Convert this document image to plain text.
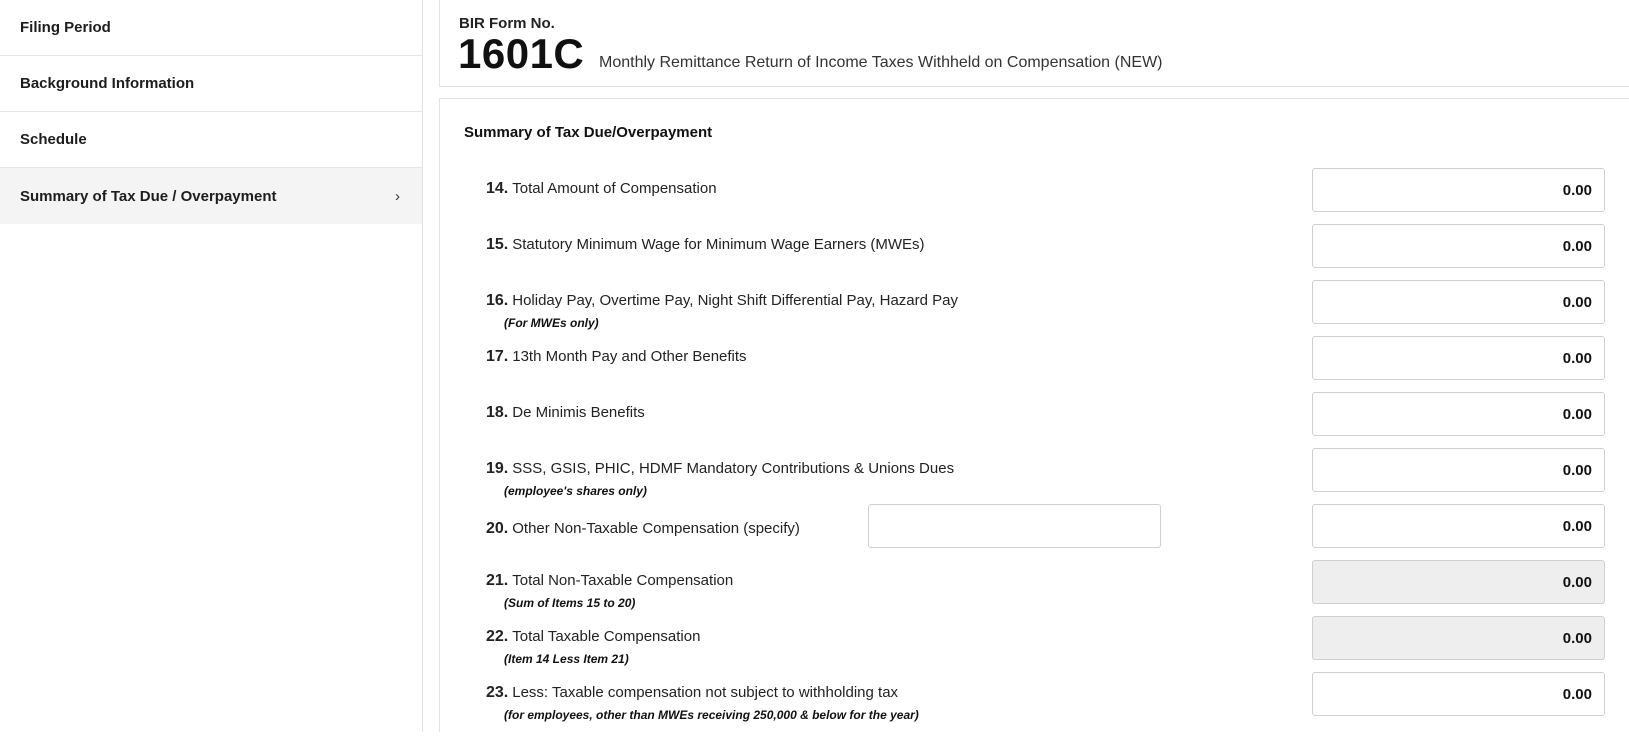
Filing Period
Background Information
Schedule
Summary of Tax Due / Overpayment	›
BIR Form No.
1601C Monthly Remittance Return of Income Taxes Withheld on Compensation (NEW)
Summary of Tax Due/Overpayment
14. Total Amount of Compensation
0.00
15. Statutory Minimum Wage for Minimum Wage Earners (MWEs)
0.00
16. Holiday Pay, Overtime Pay, Night Shift Differential Pay, Hazard Pay
(For MWEs only)
0.00
17. 13th Month Pay and Other Benefits
0.00
18. De Minimis Benefits
0.00
19. SSS, GSIS, PHIC, HDMF Mandatory Contributions & Unions Dues
(employee's shares only)
0.00
20. Other Non-Taxable Compensation (specify)
0.00
21. Total Non-Taxable Compensation
(Sum of Items 15 to 20)
0.00
22. Total Taxable Compensation
(Item 14 Less Item 21)
0.00
23. Less: Taxable compensation not subject to withholding tax
(for employees, other than MWEs receiving 250,000 & below for the year)
0.00
